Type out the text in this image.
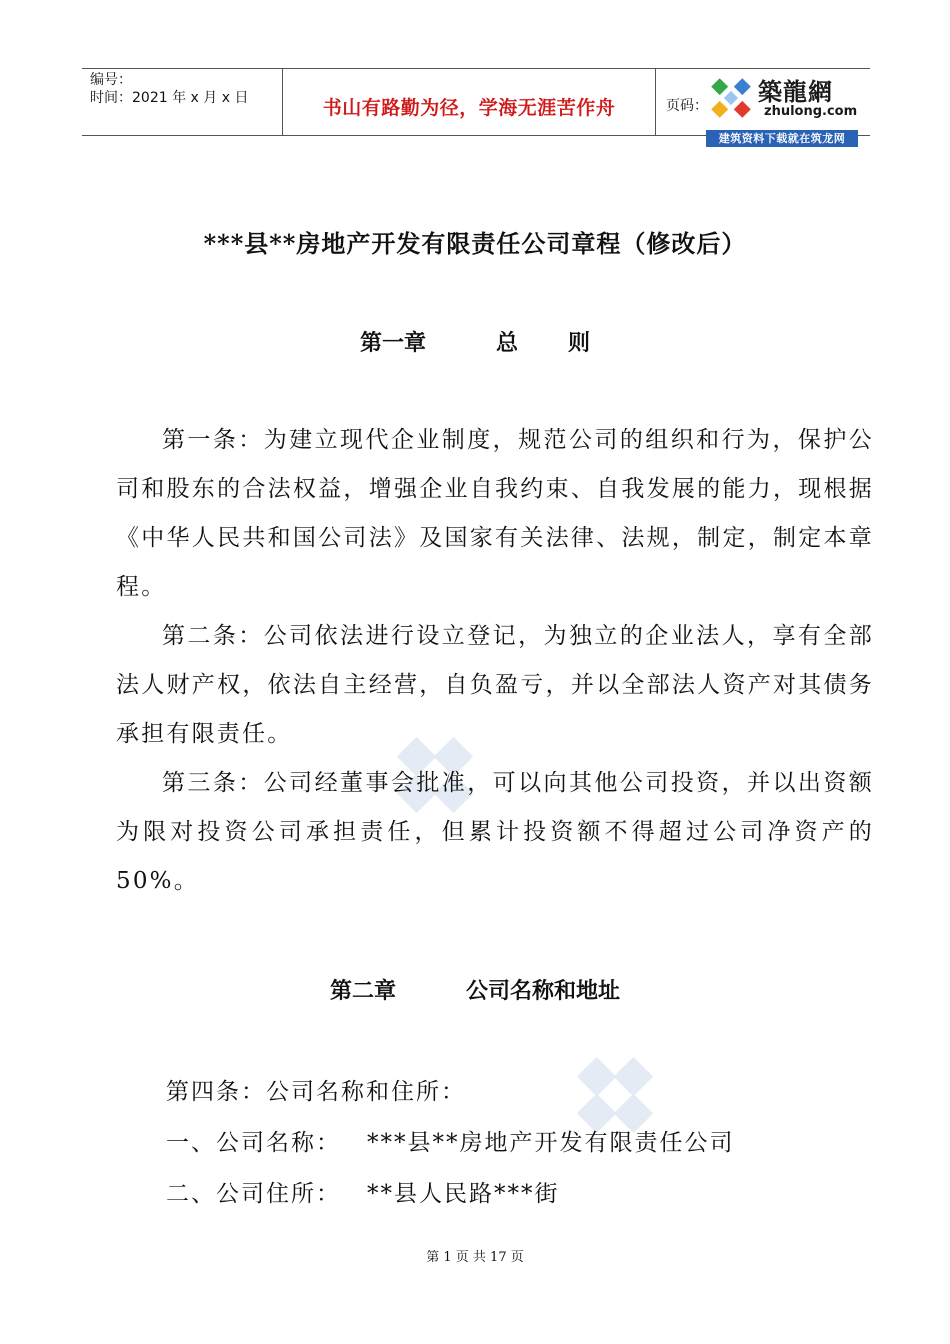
编号：
时间：2021 年 x 月 x 日	书山有路勤为径，学海无涯苦作舟	页码： 築龍網
zhulong.com
建筑资料下载就在筑龙网
***县**房地产开发有限责任公司章程（修改后）
第一章	总 则

第一条：为建立现代企业制度，规范公司的组织和行为，保护公司和股东的合法权益，增强企业自我约束、自我发展的能力，现根据《中华人民共和国公司法》及国家有关法律、法规，制定，制定本章程。

第二条：公司依法进行设立登记，为独立的企业法人，享有全部法人财产权，依法自主经营，自负盈亏，并以全部法人资产对其债务承担有限责任。

第三条：公司经董事会批准，可以向其他公司投资，并以出资额为限对投资公司承担责任，但累计投资额不得超过公司净资产的50%。

第二章	公司名称和地址
第四条：公司名称和住所：
一、公司名称： ***县**房地产开发有限责任公司
二、公司住所： **县人民路***街
第 1 页 共 17 页
